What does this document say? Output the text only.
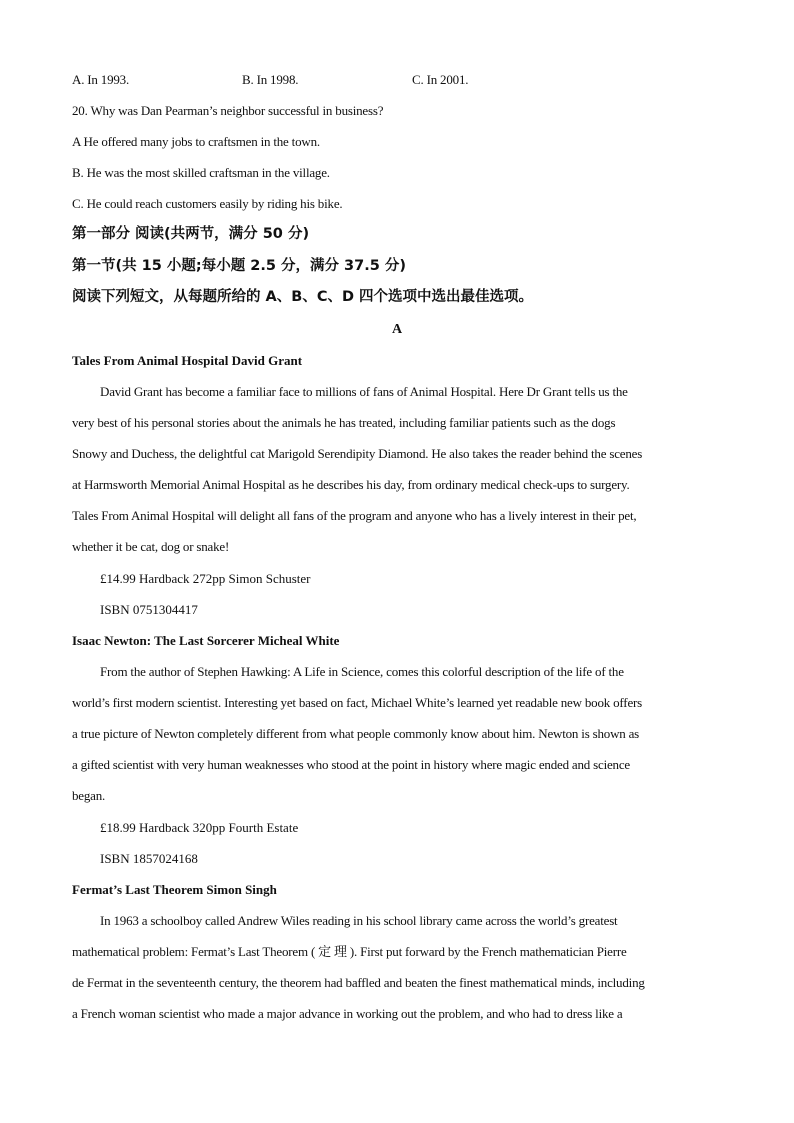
A. In 1993.	B. In 1998.	C. In 2001.
20. Why was Dan Pearman’s neighbor successful in business?
A He offered many jobs to craftsmen in the town.
B. He was the most skilled craftsman in the village.
C. He could reach customers easily by riding his bike.
第一部分 阅读(共两节，满分 50 分)
第一节(共 15 小题;每小题 2.5 分，满分 37.5 分)
阅读下列短文，从每题所给的 A、B、C、D 四个选项中选出最佳选项。
A
Tales From Animal Hospital David Grant
David Grant has become a familiar face to millions of fans of Animal Hospital. Here Dr Grant tells us the
very best of his personal stories about the animals he has treated, including familiar patients such as the dogs
Snowy and Duchess, the delightful cat Marigold Serendipity Diamond. He also takes the reader behind the scenes
at Harmsworth Memorial Animal Hospital as he describes his day, from ordinary medical check-ups to surgery.
Tales From Animal Hospital will delight all fans of the program and anyone who has a lively interest in their pet,
whether it be cat, dog or snake!
£14.99 Hardback 272pp Simon Schuster
ISBN 0751304417
Isaac Newton: The Last Sorcerer Micheal White
From the author of Stephen Hawking: A Life in Science, comes this colorful description of the life of the
world’s first modern scientist. Interesting yet based on fact, Michael White’s learned yet readable new book offers
a true picture of Newton completely different from what people commonly know about him. Newton is shown as
a gifted scientist with very human weaknesses who stood at the point in history where magic ended and science
began.
£18.99 Hardback 320pp Fourth Estate
ISBN 1857024168
Fermat’s Last Theorem Simon Singh
In 1963 a schoolboy called Andrew Wiles reading in his school library came across the world’s greatest
mathematical problem: Fermat’s Last Theorem ( 定 理 ). First put forward by the French mathematician Pierre
de Fermat in the seventeenth century, the theorem had baffled and beaten the finest mathematical minds, including
a French woman scientist who made a major advance in working out the problem, and who had to dress like a
